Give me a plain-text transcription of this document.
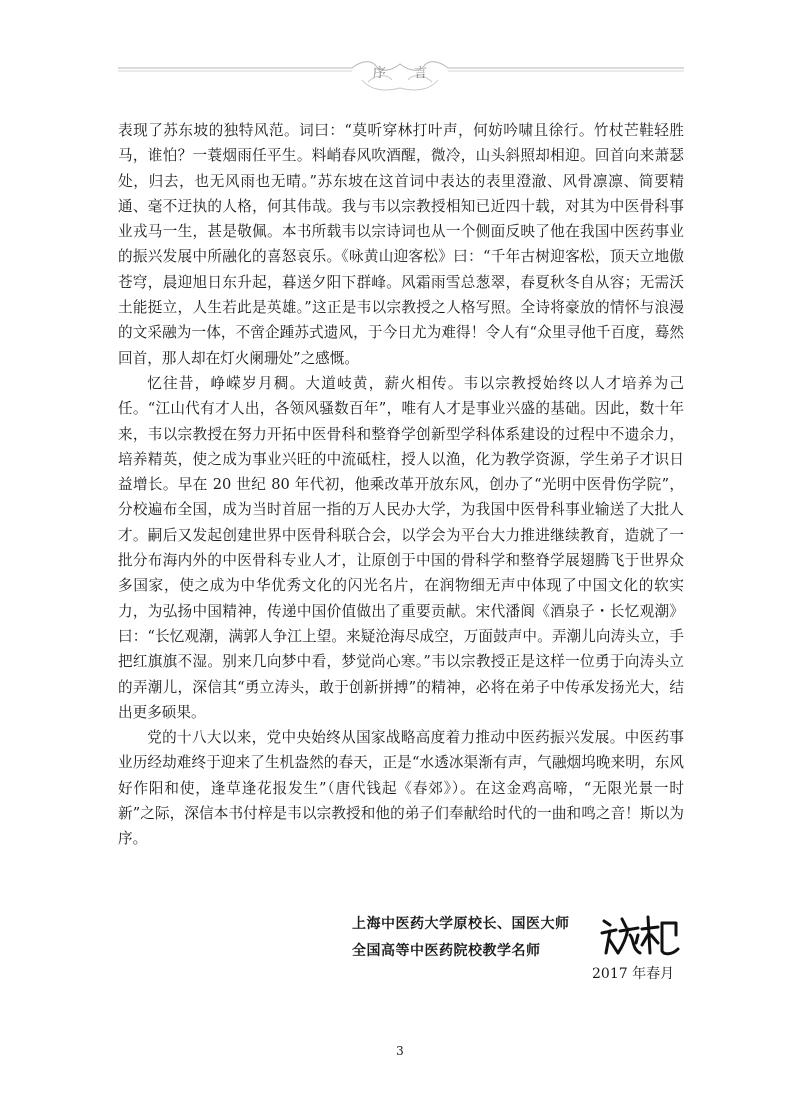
序 言

表现了苏东坡的独特风范。词曰：“莫听穿林打叶声，何妨吟啸且徐行。竹杖芒鞋轻胜马，谁怕？一蓑烟雨任平生。料峭春风吹酒醒，微冷，山头斜照却相迎。回首向来萧瑟处，归去，也无风雨也无晴。”苏东坡在这首词中表达的表里澄澈、风骨凛凛、简要精通、毫不迂执的人格，何其伟哉。我与韦以宗教授相知已近四十载，对其为中医骨科事业戎马一生，甚是敬佩。本书所载韦以宗诗词也从一个侧面反映了他在我国中医药事业的振兴发展中所融化的喜怒哀乐。《咏黄山迎客松》曰：“千年古树迎客松，顶天立地傲苍穹，晨迎旭日东升起，暮送夕阳下群峰。风霜雨雪总葱翠，春夏秋冬自从容；无需沃土能挺立，人生若此是英雄。”这正是韦以宗教授之人格写照。全诗将豪放的情怀与浪漫的文采融为一体，不啻企踵苏式遗风，于今日尤为难得！令人有“众里寻他千百度，蓦然回首，那人却在灯火阑珊处”之感慨。

忆往昔，峥嵘岁月稠。大道岐黄，薪火相传。韦以宗教授始终以人才培养为己任。“江山代有才人出，各领风骚数百年”，唯有人才是事业兴盛的基础。因此，数十年来，韦以宗教授在努力开拓中医骨科和整脊学创新型学科体系建设的过程中不遗余力，培养精英，使之成为事业兴旺的中流砥柱，授人以渔，化为教学资源，学生弟子才识日益增长。早在 20 世纪 80 年代初，他乘改革开放东风，创办了“光明中医骨伤学院”，分校遍布全国，成为当时首屈一指的万人民办大学，为我国中医骨科事业输送了大批人才。嗣后又发起创建世界中医骨科联合会，以学会为平台大力推进继续教育，造就了一批分布海内外的中医骨科专业人才，让原创于中国的骨科学和整脊学展翅腾飞于世界众多国家，使之成为中华优秀文化的闪光名片，在润物细无声中体现了中国文化的软实力，为弘扬中国精神，传递中国价值做出了重要贡献。宋代潘阆《酒泉子・长忆观潮》曰：“长忆观潮，满郭人争江上望。来疑沧海尽成空，万面鼓声中。弄潮儿向涛头立，手把红旗旗不湿。别来几向梦中看，梦觉尚心寒。”韦以宗教授正是这样一位勇于向涛头立的弄潮儿，深信其“勇立涛头，敢于创新拼搏”的精神，必将在弟子中传承发扬光大，结出更多硕果。

党的十八大以来，党中央始终从国家战略高度着力推动中医药振兴发展。中医药事业历经劫难终于迎来了生机盎然的春天，正是“水透冰渠渐有声，气融烟坞晚来明，东风好作阳和使，逢草逢花报发生”（唐代钱起《春郊》）。在这金鸡高啼，“无限光景一时新”之际，深信本书付梓是韦以宗教授和他的弟子们奉献给时代的一曲和鸣之音！斯以为序。

上海中医药大学原校长、国医大师
全国高等中医药院校教学名师
2017 年春月
3
